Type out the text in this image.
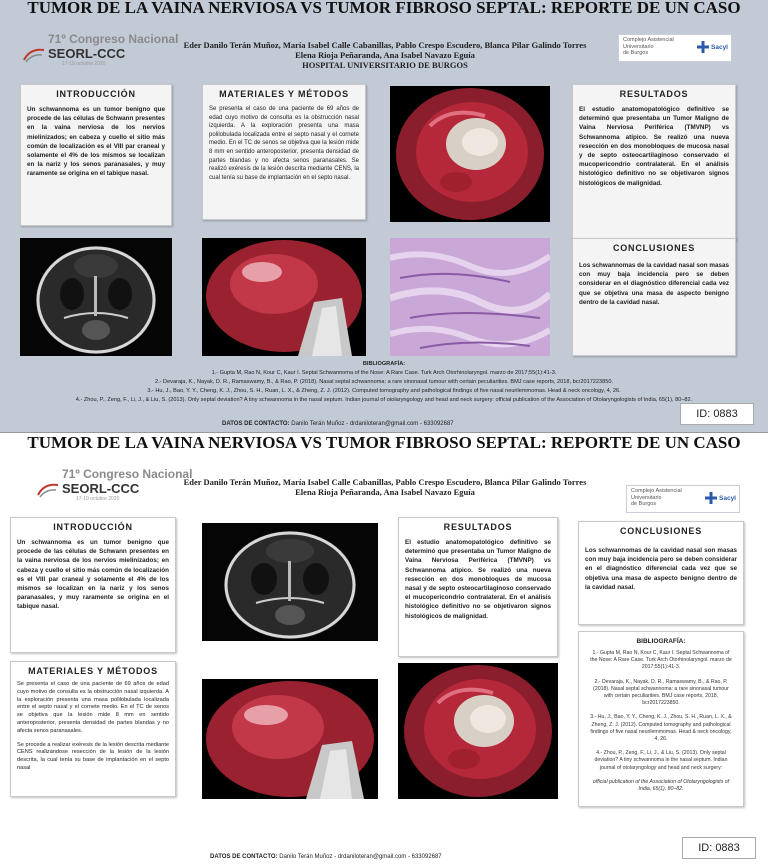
TUMOR DE LA VAINA NERVIOSA VS TUMOR FIBROSO SEPTAL: REPORTE DE UN CASO
71º Congreso Nacional
SEORL-CCC
17-19 octubre 2020
Eder Danilo Terán Muñoz, María Isabel Calle Cabanillas, Pablo Crespo Escudero, Blanca Pilar Galindo Torres
Elena Rioja Peñaranda, Ana Isabel Navazo Eguía
HOSPITAL UNIVERSITARIO DE BURGOS
Complejo Asistencial
Universitario
de Burgos
Sacyl
INTRODUCCIÓN

Un schwannoma es un tumor benigno que procede de las células de Schwann presentes en la vaina nerviosa de los nervios mielinizados; en cabeza y cuello el sitio más común de localización es el VIII par craneal y solamente el 4% de los mismos se localizan en la nariz y los senos paranasales, y muy raramente se origina en el tabique nasal.

MATERIALES Y MÉTODOS

Se presenta el caso de una paciente de 69 años de edad cuyo motivo de consulta es la obstrucción nasal izquierda. A la exploración presenta una masa polilobulada localizada entre el septo nasal y el cornete medio. En el TC de senos se objetiva que la lesión mide 8 mm en sentido anteroposterior, presenta densidad de partes blandas y no afecta senos paranasales. Se realizó exéresis de la lesión descrita mediante CENS, la cual tenía su base de implantación en el septo nasal.

RESULTADOS

El estudio anatomopatológico definitivo se determinó que presentaba un Tumor Maligno de Vaina Nerviosa Periférica (TMVNP) vs Schwannoma atípico. Se realizó una nueva resección en dos monobloques de mucosa nasal y de septo osteocartilaginoso conservado el mucopericondrio contralateral. En el análisis histológico definitivo no se objetivaron signos histológicos de malignidad.

CONCLUSIONES

Los schwannomas de la cavidad nasal son masas con muy baja incidencia pero se deben considerar en el diagnóstico diferencial cada vez que se objetiva una masa de aspecto benigno dentro de la cavidad nasal.

BIBLIOGRAFÍA:
1.- Gupta M, Rao N, Kour C, Kaur I. Septal Schwannoma of the Nose: A Rare Case. Turk Arch Otorhinolaryngol. marzo de 2017;55(1):41-3.
2.- Devaraja, K., Nayak, D. R., Ramaswamy, B., & Rao, P. (2018). Nasal septal schwannoma: a rare sinonasal tumour with certain peculiarities. BMJ case reports, 2018, bcr2017223850.
3.- Hu, J., Bao, Y. Y., Cheng, K. J., Zhou, S. H., Ruan, L. X., & Zheng, Z. J. (2012). Computed tomography and pathological findings of five nasal neurilemmomas. Head & neck oncology, 4, 26.
4.- Zhou, P., Zeng, F., Li, J., & Liu, S. (2013). Only septal deviation? A tiny schwannoma in the nasal septum. Indian journal of otolaryngology and head and neck surgery: official publication of the Association of Otolaryngologists of India, 65(1), 80–82.
DATOS DE CONTACTO: Danilo Terán Muñoz - drdaniloteran@gmail.com - 633092687
ID: 0883
TUMOR DE LA VAINA NERVIOSA VS TUMOR FIBROSO SEPTAL: REPORTE DE UN CASO
71º Congreso Nacional
SEORL-CCC
17-19 octubre 2020
Eder Danilo Terán Muñoz, María Isabel Calle Cabanillas, Pablo Crespo Escudero, Blanca Pilar Galindo Torres
Elena Rioja Peñaranda, Ana Isabel Navazo Eguía	Complejo Asistencial
Universitario
de Burgos
Sacyl
INTRODUCCIÓN

Un schwannoma es un tumor benigno que procede de las células de Schwann presentes en la vaina nerviosa de los nervios mielinizados; en cabeza y cuello el sitio más común de localización es el VIII par craneal y solamente el 4% de los mismos se localizan en la nariz y los senos paranasales, y muy raramente se origina en el tabique nasal.

MATERIALES Y MÉTODOS

Se presenta el caso de una paciente de 69 años de edad cuyo motivo de consulta es la obstrucción nasal izquierda. A la exploración presenta una masa polilobulada localizada entre el septo nasal y el cornete medio. En el TC de senos se objetiva que la lesión mide 8 mm en sentido anteroposterior, presenta densidad de partes blandas y no afecta senos paranasales.

Se procede a realizar exéresis de la lesión descrita mediante CENS realizándose resección de la lesión de la lesión descrita, la cual tenía su base de implantación en el septo nasal

RESULTADOS

El estudio anatomopatológico definitivo se determinó que presentaba un Tumor Maligno de Vaina Nerviosa Periférica (TMVNP) vs Schwannoma atípico. Se realizó una nueva resección en dos monobloques de mucosa nasal y de septo osteocartilaginoso conservado el mucopericondrio contralateral. En el análisis histológico definitivo no se objetivaron signos histológicos de malignidad.

CONCLUSIONES

Los schwannomas de la cavidad nasal son masas con muy baja incidencia pero se deben considerar en el diagnóstico diferencial cada vez que se objetiva una masa de aspecto benigno dentro de la cavidad nasal.

BIBLIOGRAFÍA:
1.- Gupta M, Rao N, Kour C, Kaur I. Septal Schwannoma of the Nose: A Rare Case. Turk Arch Otorhinolaryngol. marzo de 2017;55(1):41-3.
2.- Devaraja, K., Nayak, D. R., Ramaswamy, B., & Rao, P. (2018). Nasal septal schwannoma: a rare sinonasal tumour with certain peculiarities. BMJ case reports, 2018, bcr2017223850.
3.- Hu, J., Bao, Y. Y., Cheng, K. J., Zhou, S. H., Ruan, L. X., & Zheng, Z. J. (2012). Computed tomography and pathological findings of five nasal neurilemmomas. Head & neck oncology, 4, 26.
4.- Zhou, P., Zeng, F., Li, J., & Liu, S. (2013). Only septal deviation? A tiny schwannoma in the nasal septum. Indian journal of otolaryngology and head and neck surgery:
official publication of the Association of Otolaryngologists of India, 65(1), 80–82.
DATOS DE CONTACTO: Danilo Terán Muñoz - drdaniloteran@gmail.com - 633092687
ID: 0883
